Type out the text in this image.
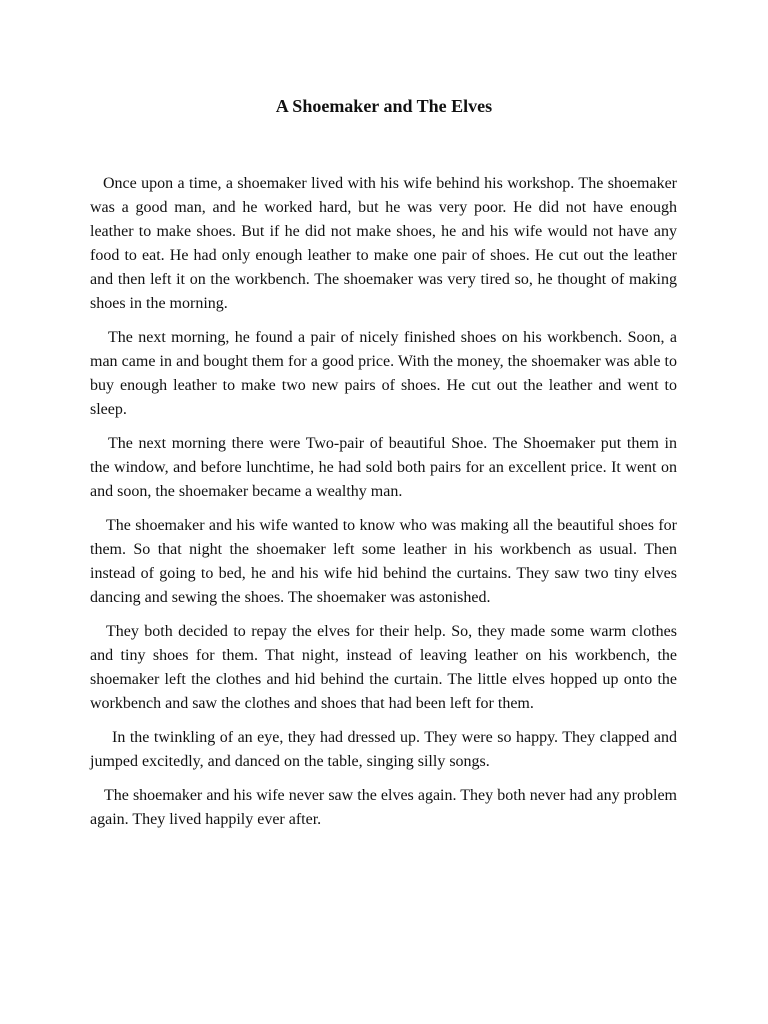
A Shoemaker and The Elves

Once upon a time, a shoemaker lived with his wife behind his workshop. The shoemaker was a good man, and he worked hard, but he was very poor. He did not have enough leather to make shoes. But if he did not make shoes, he and his wife would not have any food to eat. He had only enough leather to make one pair of shoes. He cut out the leather and then left it on the workbench. The shoemaker was very tired so, he thought of making shoes in the morning.

The next morning, he found a pair of nicely finished shoes on his workbench. Soon, a man came in and bought them for a good price. With the money, the shoemaker was able to buy enough leather to make two new pairs of shoes. He cut out the leather and went to sleep.

The next morning there were Two-pair of beautiful Shoe. The Shoemaker put them in the window, and before lunchtime, he had sold both pairs for an excellent price. It went on and soon, the shoemaker became a wealthy man.

The shoemaker and his wife wanted to know who was making all the beautiful shoes for them. So that night the shoemaker left some leather in his workbench as usual. Then instead of going to bed, he and his wife hid behind the curtains. They saw two tiny elves dancing and sewing the shoes. The shoemaker was astonished.

They both decided to repay the elves for their help. So, they made some warm clothes and tiny shoes for them. That night, instead of leaving leather on his workbench, the shoemaker left the clothes and hid behind the curtain. The little elves hopped up onto the workbench and saw the clothes and shoes that had been left for them.

In the twinkling of an eye, they had dressed up. They were so happy. They clapped and jumped excitedly, and danced on the table, singing silly songs.

The shoemaker and his wife never saw the elves again. They both never had any problem again. They lived happily ever after.
